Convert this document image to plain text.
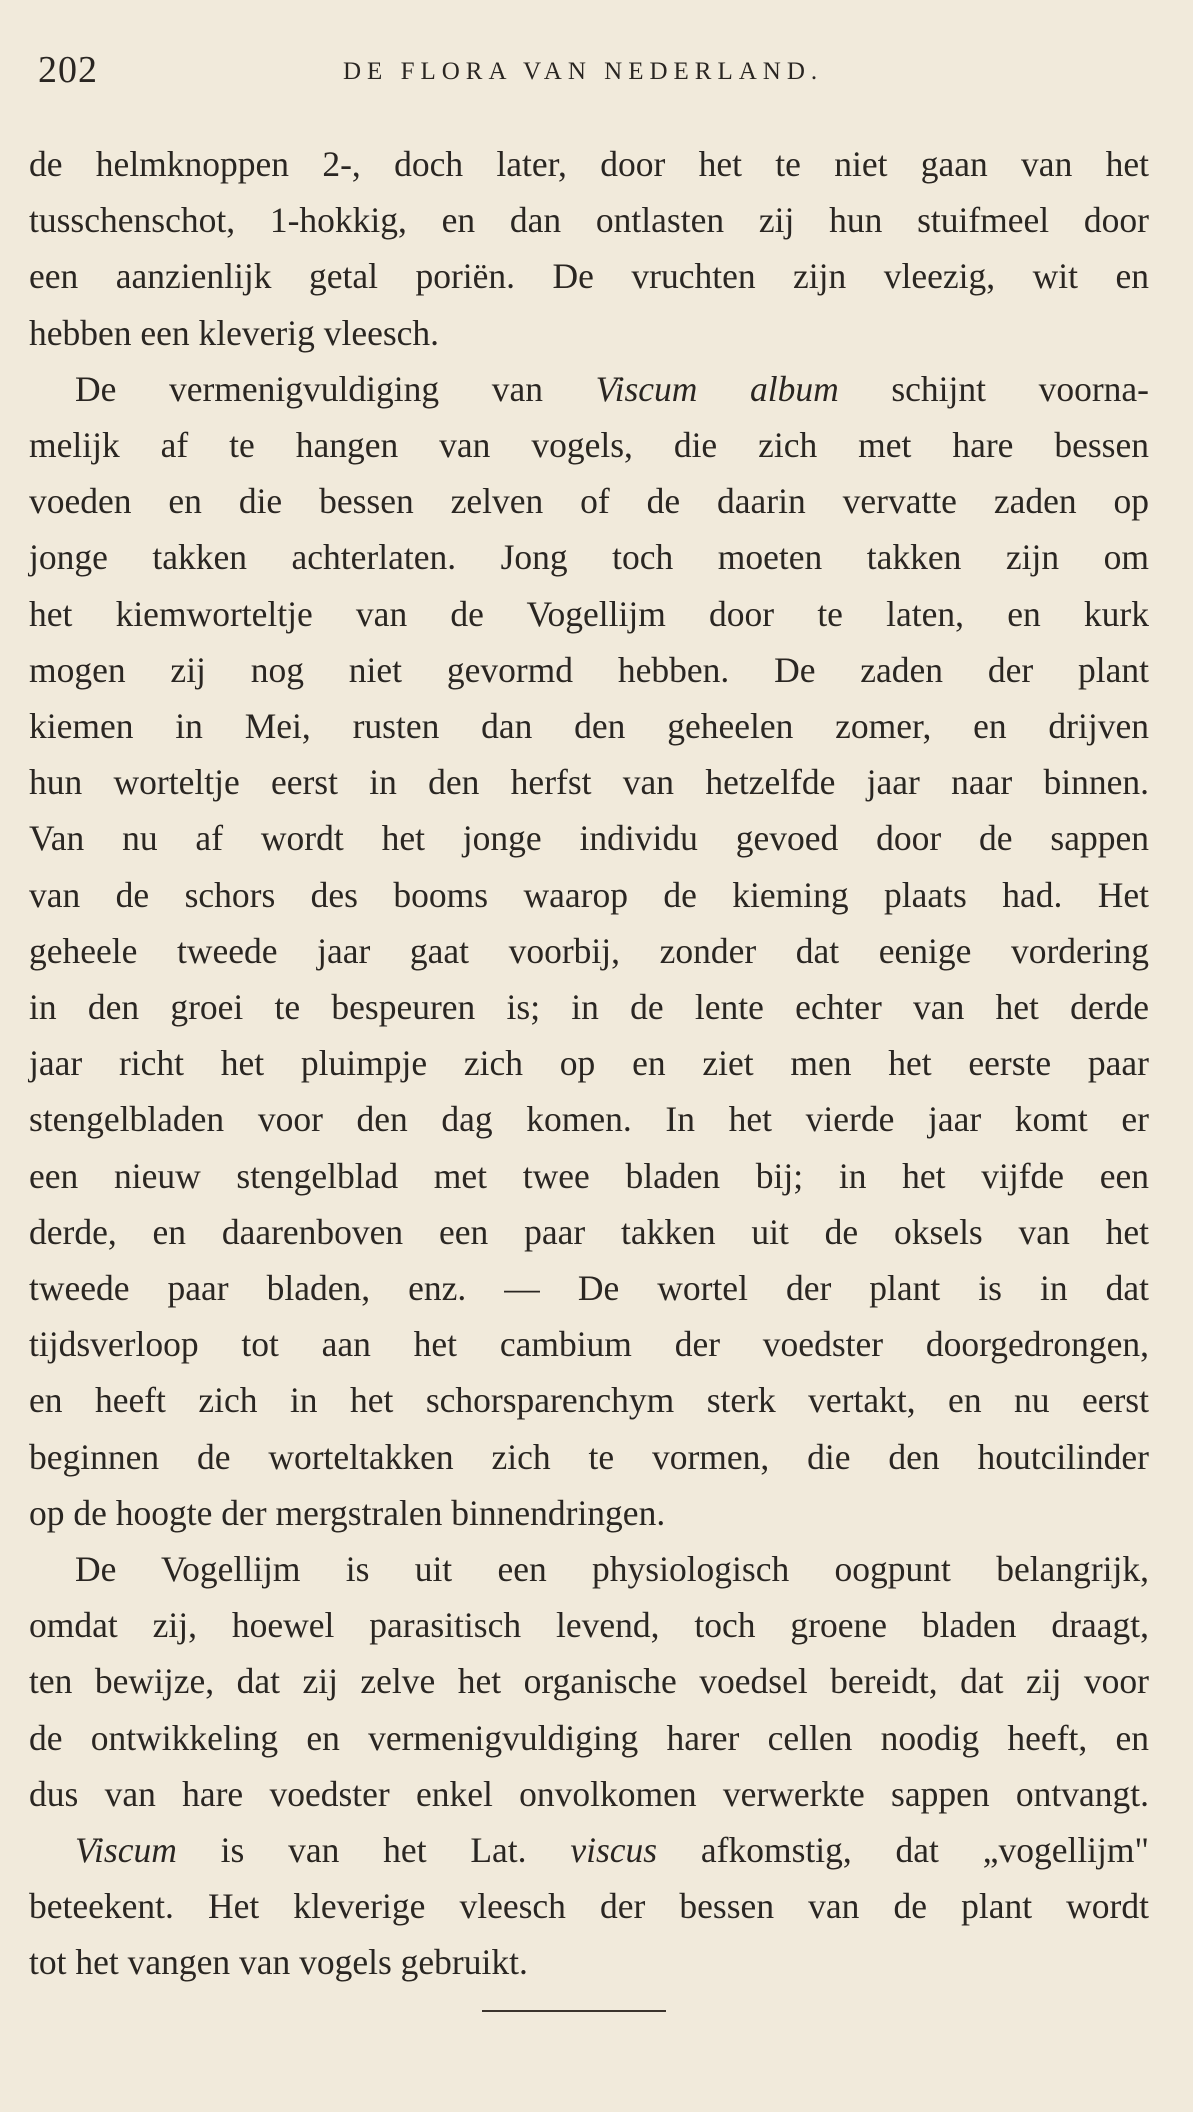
202	DE FLORA VAN NEDERLAND.
de helmknoppen 2-, doch later, door het te niet gaan van het
tusschenschot, 1-hokkig, en dan ontlasten zij hun stuifmeel door
een aanzienlijk getal poriën. De vruchten zijn vleezig, wit en
hebben een kleverig vleesch.
De vermenigvuldiging van Viscum album schijnt voorna-
melijk af te hangen van vogels, die zich met hare bessen
voeden en die bessen zelven of de daarin vervatte zaden op
jonge takken achterlaten. Jong toch moeten takken zijn om
het kiemworteltje van de Vogellijm door te laten, en kurk
mogen zij nog niet gevormd hebben. De zaden der plant
kiemen in Mei, rusten dan den geheelen zomer, en drijven
hun worteltje eerst in den herfst van hetzelfde jaar naar binnen.
Van nu af wordt het jonge individu gevoed door de sappen
van de schors des booms waarop de kieming plaats had. Het
geheele tweede jaar gaat voorbij, zonder dat eenige vordering
in den groei te bespeuren is; in de lente echter van het derde
jaar richt het pluimpje zich op en ziet men het eerste paar
stengelbladen voor den dag komen. In het vierde jaar komt er
een nieuw stengelblad met twee bladen bij; in het vijfde een
derde, en daarenboven een paar takken uit de oksels van het
tweede paar bladen, enz. — De wortel der plant is in dat
tijdsverloop tot aan het cambium der voedster doorgedrongen,
en heeft zich in het schorsparenchym sterk vertakt, en nu eerst
beginnen de worteltakken zich te vormen, die den houtcilinder
op de hoogte der mergstralen binnendringen.
De Vogellijm is uit een physiologisch oogpunt belangrijk,
omdat zij, hoewel parasitisch levend, toch groene bladen draagt,
ten bewijze, dat zij zelve het organische voedsel bereidt, dat zij voor
de ontwikkeling en vermenigvuldiging harer cellen noodig heeft, en
dus van hare voedster enkel onvolkomen verwerkte sappen ontvangt.
Viscum is van het Lat. viscus afkomstig, dat „vogellijm"
beteekent. Het kleverige vleesch der bessen van de plant wordt
tot het vangen van vogels gebruikt.
